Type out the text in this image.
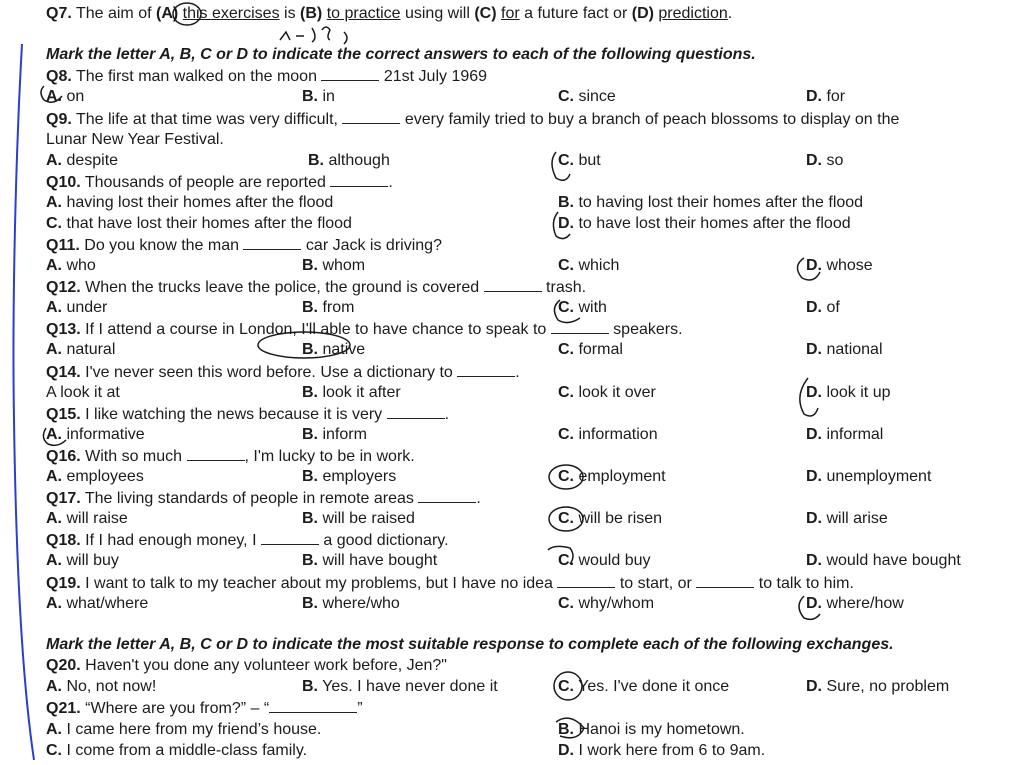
Q7. The aim of (A) this exercises is (B) to practice using will (C) for a future fact or (D) prediction.
Mark the letter A, B, C or D to indicate the correct answers to each of the following questions.
Q8. The first man walked on the moon	21st July 1969
A. on	B. in	C. since	D. for
Q9. The life at that time was very difficult,	every family tried to buy a branch of peach blossoms to display on the
Lunar New Year Festival.
A. despite	B. although	C. but	D. so
Q10. Thousands of people are reported	.
A. having lost their homes after the flood	B. to having lost their homes after the flood
C. that have lost their homes after the flood	D. to have lost their homes after the flood
Q11. Do you know the man	car Jack is driving?
A. who	B. whom	C. which	D. whose
Q12. When the trucks leave the police, the ground is covered	trash.
A. under	B. from	C. with	D. of
Q13. If I attend a course in London, I'll able to have chance to speak to	speakers.
A. natural	B. native	C. formal	D. national
Q14. I've never seen this word before. Use a dictionary to	.
A look it at	B. look it after	C. look it over	D. look it up
Q15. I like watching the news because it is very	.
A. informative	B. inform	C. information	D. informal
Q16. With so much	, I'm lucky to be in work.
A. employees	B. employers	C. employment	D. unemployment
Q17. The living standards of people in remote areas	.
A. will raise	B. will be raised	C. will be risen	D. will arise
Q18. If I had enough money, I	a good dictionary.
A. will buy	B. will have bought	C. would buy	D. would have bought
Q19. I want to talk to my teacher about my problems, but I have no idea	to start, or	to talk to him.
A. what/where	B. where/who	C. why/whom	D. where/how
Mark the letter A, B, C or D to indicate the most suitable response to complete each of the following exchanges.
Q20. Haven't you done any volunteer work before, Jen?"
A. No, not now!	B. Yes. I have never done it	C. Yes. I've done it once	D. Sure, no problem
Q21. “Where are you from?” – “	”
A. I came here from my friend’s house.	B. Hanoi is my hometown.
C. I come from a middle-class family.	D. I work here from 6 to 9am.
